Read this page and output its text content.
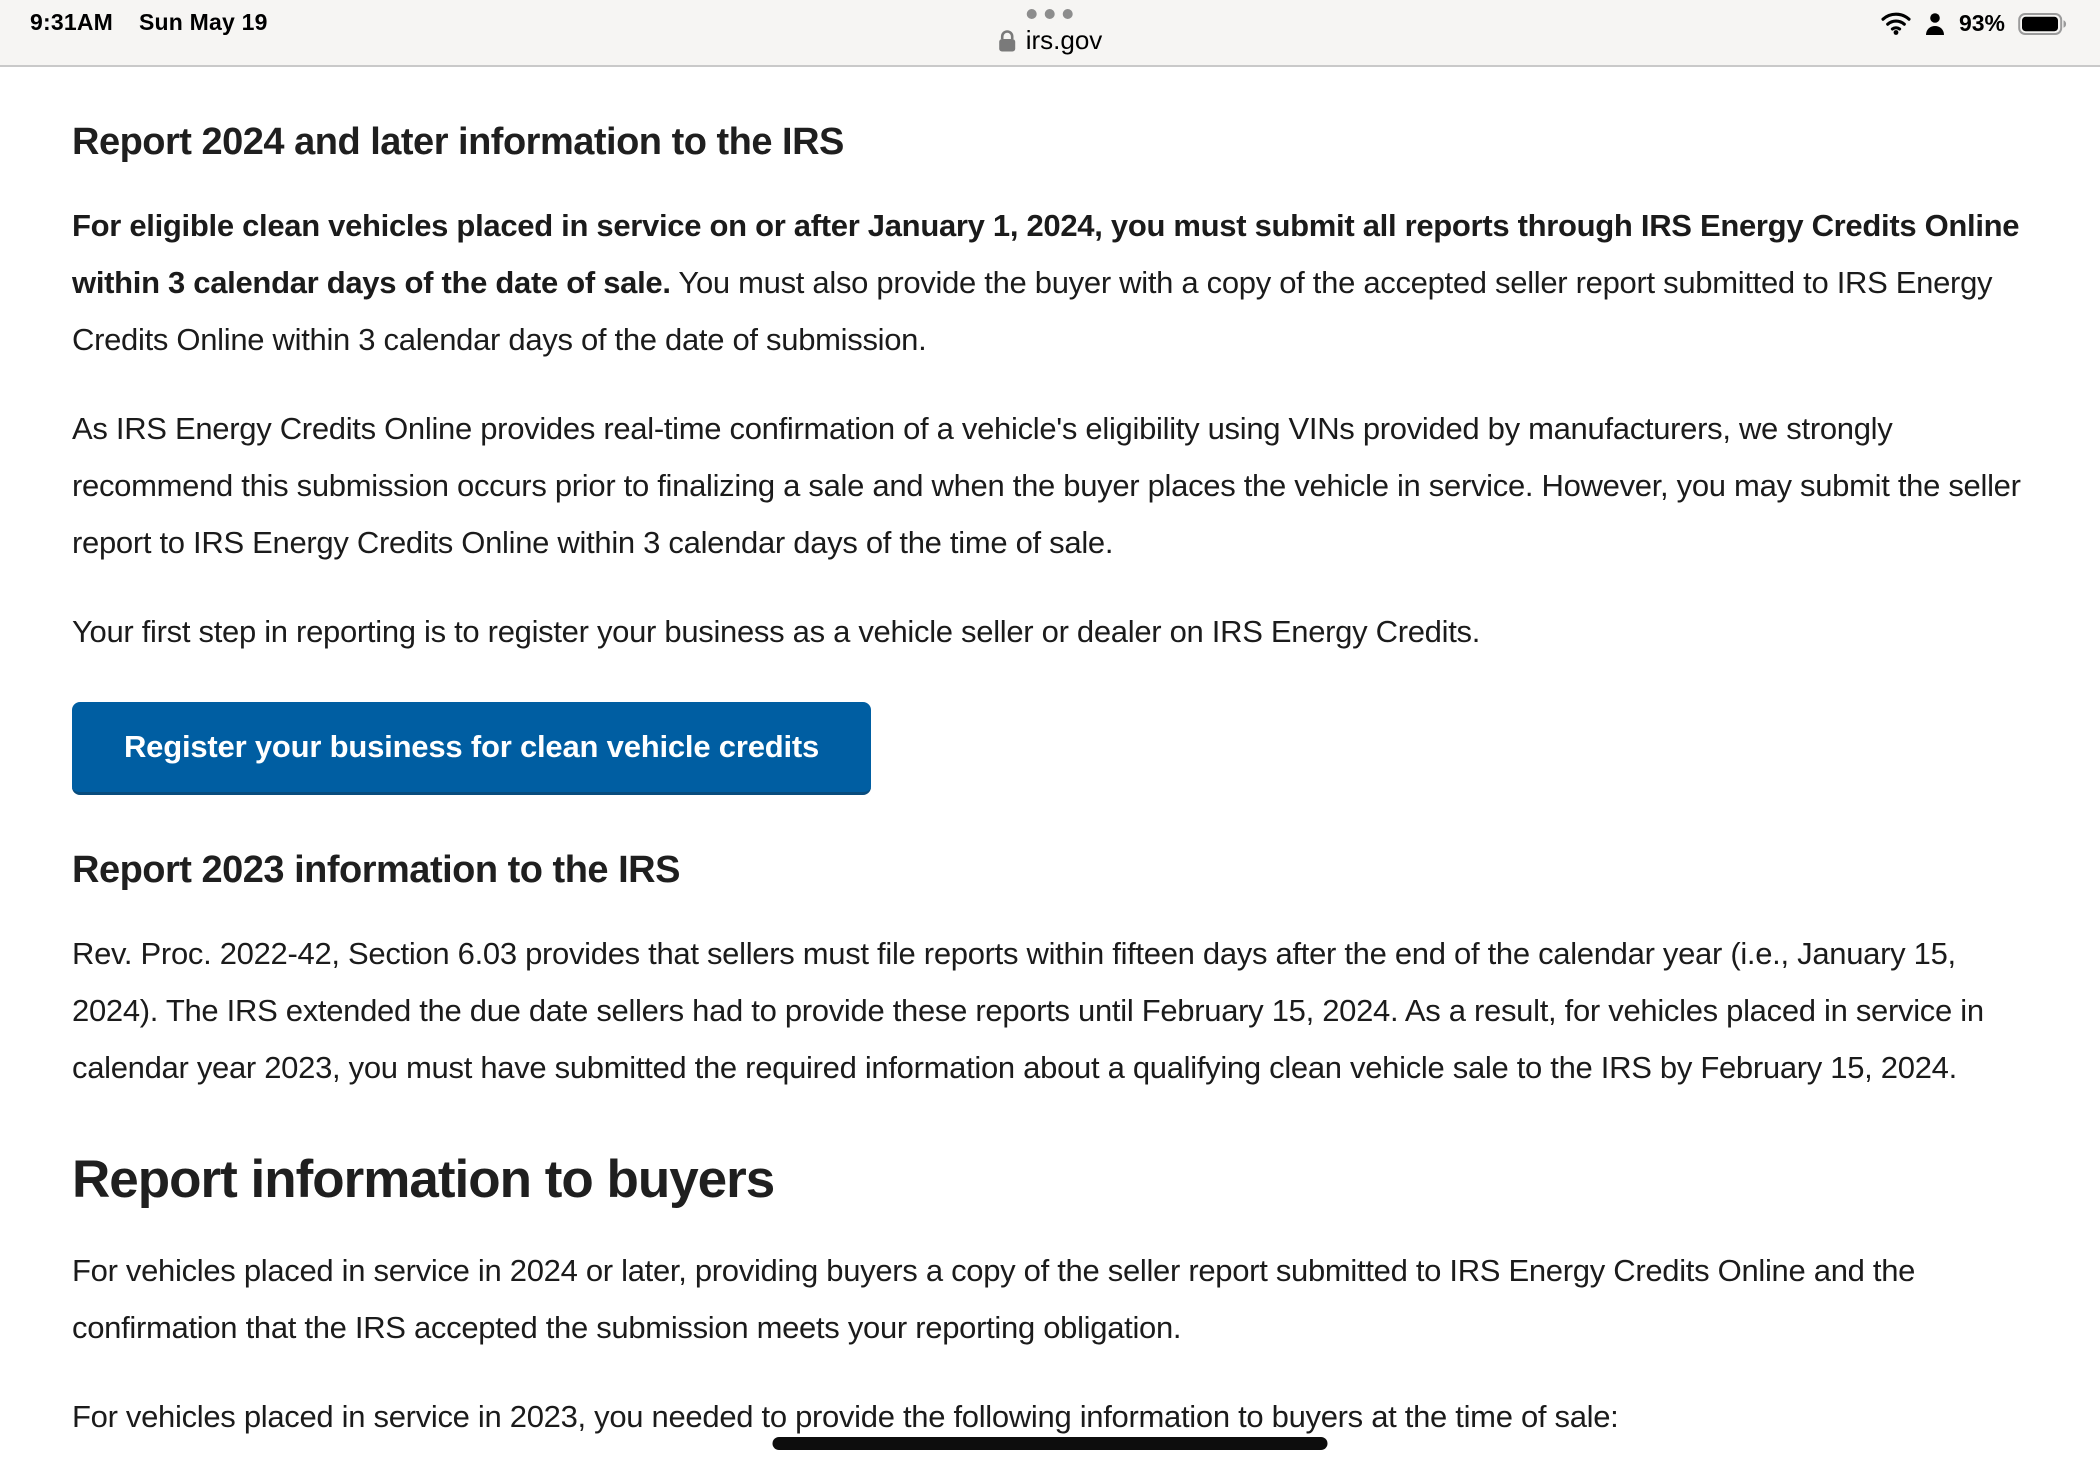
9:31AM Sun May 19
irs.gov
93%
Report 2024 and later information to the IRS

For eligible clean vehicles placed in service on or after January 1, 2024, you must submit all reports through IRS Energy Credits Online within 3 calendar days of the date of sale. You must also provide the buyer with a copy of the accepted seller report submitted to IRS Energy Credits Online within 3 calendar days of the date of submission.

As IRS Energy Credits Online provides real-time confirmation of a vehicle's eligibility using VINs provided by manufacturers, we strongly recommend this submission occurs prior to finalizing a sale and when the buyer places the vehicle in service. However, you may submit the seller report to IRS Energy Credits Online within 3 calendar days of the time of sale.

Your first step in reporting is to register your business as a vehicle seller or dealer on IRS Energy Credits.

Register your business for clean vehicle credits
Report 2023 information to the IRS

Rev. Proc. 2022-42, Section 6.03 provides that sellers must file reports within fifteen days after the end of the calendar year (i.e., January 15, 2024). The IRS extended the due date sellers had to provide these reports until February 15, 2024. As a result, for vehicles placed in service in calendar year 2023, you must have submitted the required information about a qualifying clean vehicle sale to the IRS by February 15, 2024.

Report information to buyers

For vehicles placed in service in 2024 or later, providing buyers a copy of the seller report submitted to IRS Energy Credits Online and the confirmation that the IRS accepted the submission meets your reporting obligation.

For vehicles placed in service in 2023, you needed to provide the following information to buyers at the time of sale:
